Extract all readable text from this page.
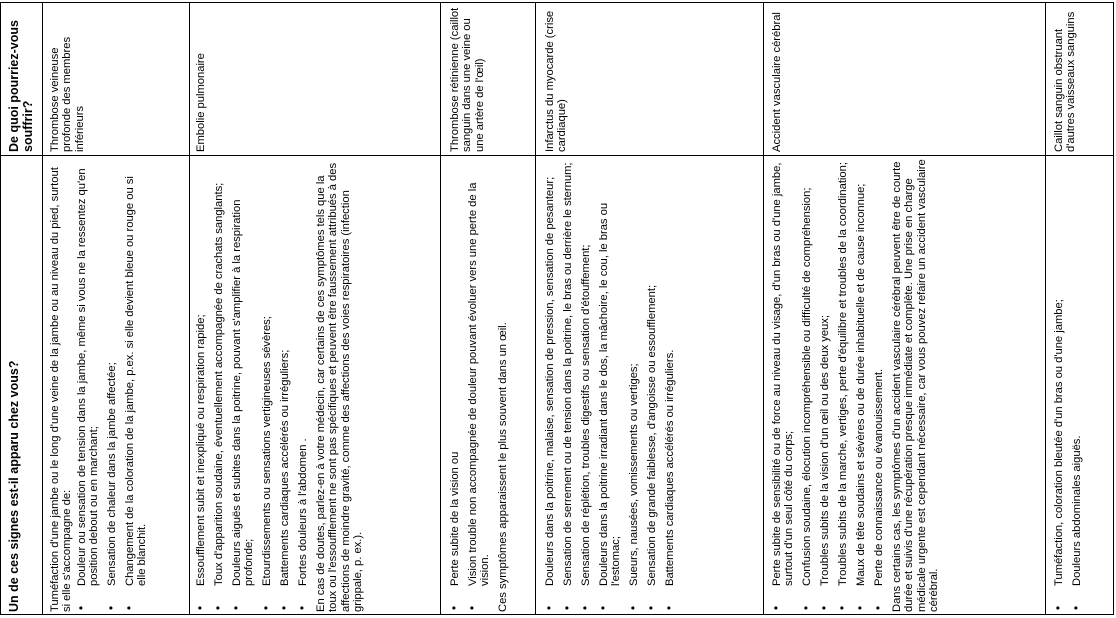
Un de ces signes est-il apparu chez vous?

De quoi pourriez-vous souffrir?

Tuméfaction d'une jambe ou le long d'une veine de la jambe ou au niveau du pied, surtout si elle s'accompagne de: • Douleur ou sensation de tension dans la jambe, même si vous ne la ressentez qu'en position debout ou en marchant; • Sensation de chaleur dans la jambe affectée; • Changement de la coloration de la jambe, p.ex. si elle devient bleue ou rouge ou si elle blanchit.

Thrombose veineuse profonde des membres inférieurs

• Essoufflement subit et inexpliqué ou respiration rapide; • Toux d'apparition soudaine, éventuellement accompagnée de crachats sanglants; • Douleurs aiguës et subites dans la poitrine, pouvant s'amplifier à la respiration profonde; • Etourdissements ou sensations vertigineuses sévères; • Battements cardiaques accélérés ou irréguliers; • Fortes douleurs à l'abdomen . En cas de doutes, parlez-en à votre médecin, car certains de ces symptômes tels que la toux ou l'essoufflement ne sont pas spécifiques et peuvent être faussement attribués à des affections de moindre gravité, comme des affections des voies respiratoires (infection grippale, p. ex.).

Embolie pulmonaire

• Perte subite de la vision ou • Vision trouble non accompagnée de douleur pouvant évoluer vers une perte de la vision. Ces symptômes apparaissent le plus souvent dans un œil.

Thrombose rétinienne (caillot sanguin dans une veine ou une artère de l'œil)

• Douleurs dans la poitrine, malaise, sensation de pression, sensation de pesanteur; • Sensation de serrement ou de tension dans la poitrine, le bras ou derrière le sternum; • Sensation de réplétion, troubles digestifs ou sensation d'étouffement; • Douleurs dans la poitrine irradiant dans le dos, la mâchoire, le cou, le bras ou l'estomac; • Sueurs, nausées, vomissements ou vertiges; • Sensation de grande faiblesse, d'angoisse ou essoufflement; • Battements cardiaques accélérés ou irréguliers.

Infarctus du myocarde (crise cardiaque)

• Perte subite de sensibilité ou de force au niveau du visage, d'un bras ou d'une jambe, surtout d'un seul côté du corps; • Confusion soudaine, élocution incompréhensible ou difficulté de compréhension; • Troubles subits de la vision d'un œil ou des deux yeux; • Troubles subits de la marche, vertiges, perte d'équilibre et troubles de la coordination; • Maux de tête soudains et sévères ou de durée inhabituelle et de cause inconnue; • Perte de connaissance ou évanouissement. Dans certains cas, les symptômes d'un accident vasculaire cérébral peuvent être de courte durée et suivis d'une récupération presque immédiate et complète. Une prise en charge médicale urgente est cependant nécessaire, car vous pouvez refaire un accident vasculaire cérébral.

Accident vasculaire cérébral

• Tuméfaction, coloration bleutée d'un bras ou d'une jambe; • Douleurs abdominales aiguës.

Caillot sanguin obstruant d'autres vaisseaux sanguins
